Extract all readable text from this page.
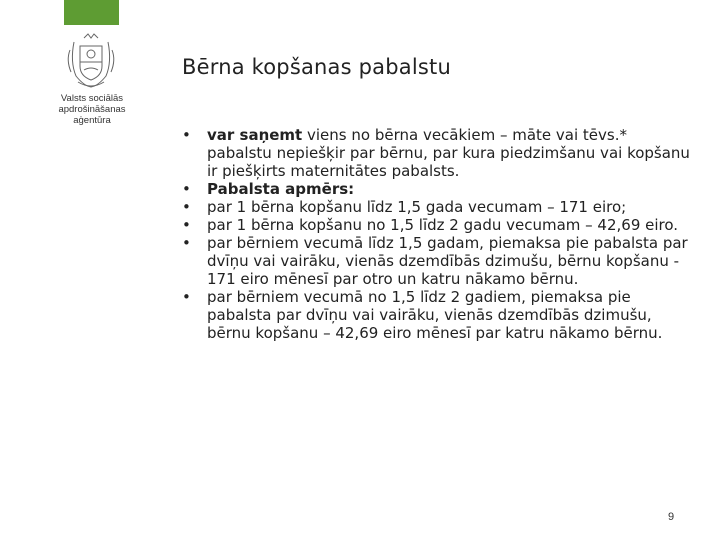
Valsts sociālās
apdrošināšanas
aģentūra
Bērna kopšanas pabalstu
• var saņemt viens no bērna vecākiem – māte vai tēvs.* pabalstu nepiešķir par bērnu, par kura piedzimšanu vai kopšanu ir piešķirts maternitātes pabalsts.
• Pabalsta apmērs:
• par 1 bērna kopšanu līdz 1,5 gada vecumam – 171 eiro;
• par 1 bērna kopšanu no 1,5 līdz 2 gadu vecumam – 42,69 eiro.
• par bērniem vecumā līdz 1,5 gadam, piemaksa pie pabalsta par dvīņu vai vairāku, vienās dzemdībās dzimušu, bērnu kopšanu - 171 eiro mēnesī par otro un katru nākamo bērnu.
• par bērniem vecumā no 1,5 līdz 2 gadiem, piemaksa pie pabalsta par dvīņu vai vairāku, vienās dzemdībās dzimušu, bērnu kopšanu – 42,69 eiro mēnesī par katru nākamo bērnu.
9
